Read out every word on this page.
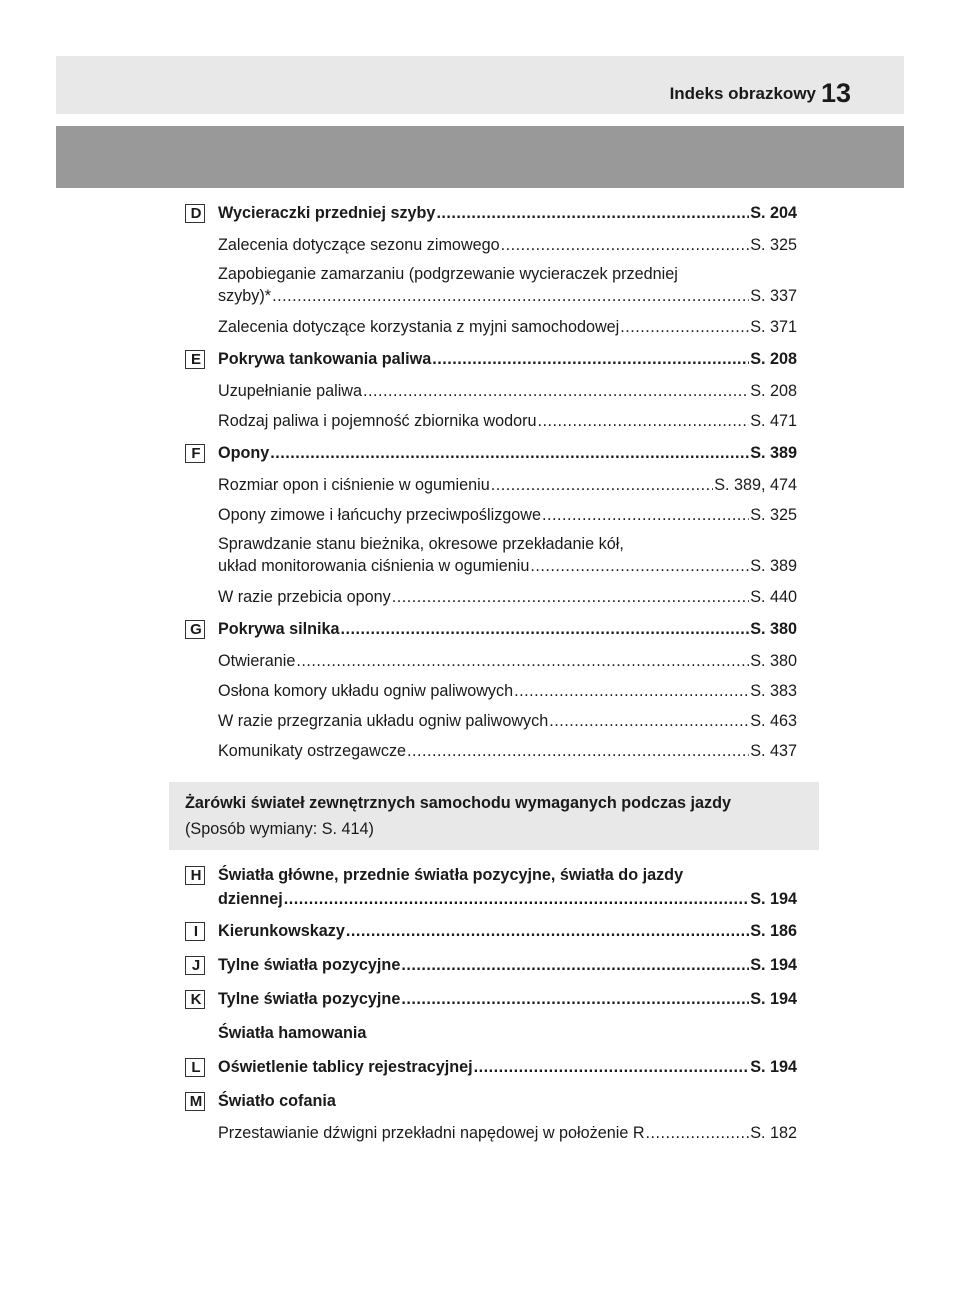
Indeks obrazkowy 13
D Wycieraczki przedniej szyby .....	S. 204
Zalecenia dotyczące sezonu zimowego .....	S. 325
Zapobieganie zamarzaniu (podgrzewanie wycieraczek przedniej
szyby)* .....	S. 337
Zalecenia dotyczące korzystania z myjni samochodowej .....	S. 371
E Pokrywa tankowania paliwa .....	S. 208
Uzupełnianie paliwa .....	S. 208
Rodzaj paliwa i pojemność zbiornika wodoru .....	S. 471
F Opony .....	S. 389
Rozmiar opon i ciśnienie w ogumieniu .....	S. 389, 474
Opony zimowe i łańcuchy przeciwpoślizgowe .....	S. 325
Sprawdzanie stanu bieżnika, okresowe przekładanie kół,
układ monitorowania ciśnienia w ogumieniu .....	S. 389
W razie przebicia opony .....	S. 440
G Pokrywa silnika .....	S. 380
Otwieranie .....	S. 380
Osłona komory układu ogniw paliwowych .....	S. 383
W razie przegrzania układu ogniw paliwowych .....	S. 463
Komunikaty ostrzegawcze .....	S. 437
Żarówki świateł zewnętrznych samochodu wymaganych podczas jazdy
(Sposób wymiany: S. 414)
H Światła główne, przednie światła pozycyjne, światła do jazdy
dziennej .....	S. 194
I	Kierunkowskazy .....	S. 186
J Tylne światła pozycyjne .....	S. 194
K Tylne światła pozycyjne .....	S. 194
Światła hamowania
L Oświetlenie tablicy rejestracyjnej .....	S. 194
M Światło cofania
Przestawianie dźwigni przekładni napędowej w położenie R .....	S. 182
